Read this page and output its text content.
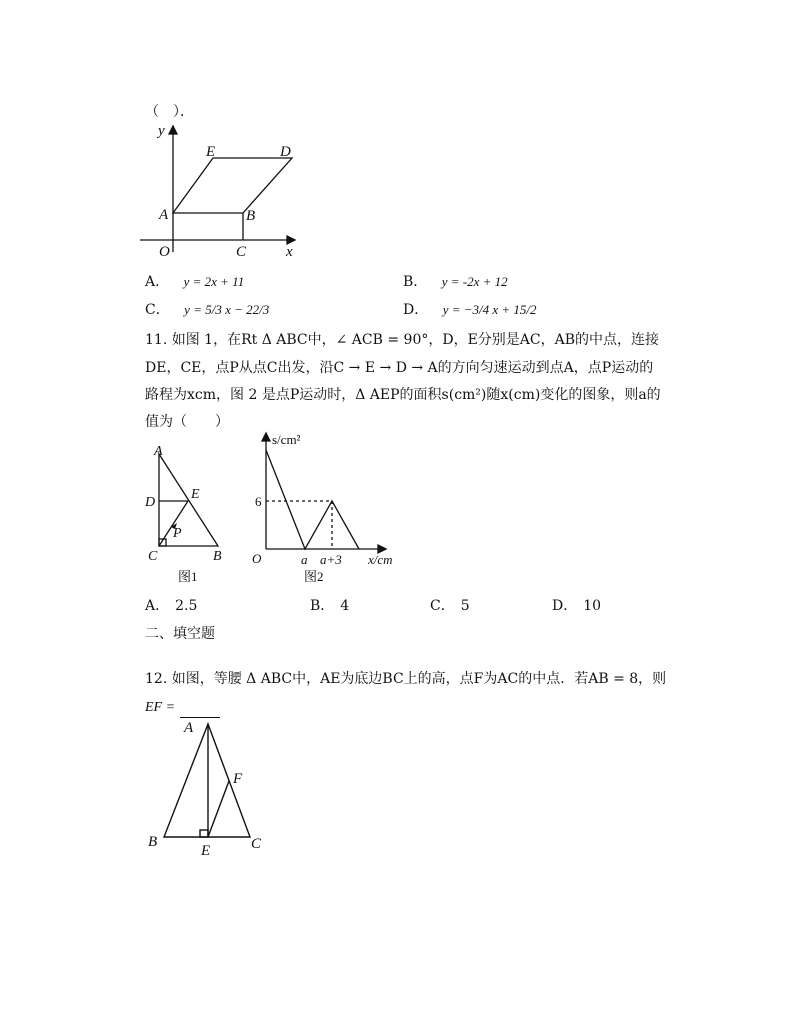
（　）．
y
x
O
A	B
C
D
E
A． y = 2x + 11	B． y = -2x + 12
C． y = 5/3 x − 22/3	D． y = −3/4 x + 15/2
11. 如图 1，在Rt Δ ABC中，∠ ACB = 90°，D，E分别是AC，AB的中点，连接
DE，CE，点P从点C出发，沿C → E → D → A的方向匀速运动到点A，点P运动的
路程为xcm，图 2 是点P运动时，Δ AEP的面积s(cm²)随x(cm)变化的图象，则a的
值为（　　）
A
D
E
P
C	B
图1
s/cm²
6
O	a a+3 x/cm
图2
A． 2.5	B． 4	C． 5	D． 10
二、填空题
12. 如图，等腰 Δ ABC中，AE为底边BC上的高，点F为AC的中点．若AB = 8，则
EF =
A
B	C
E
F
